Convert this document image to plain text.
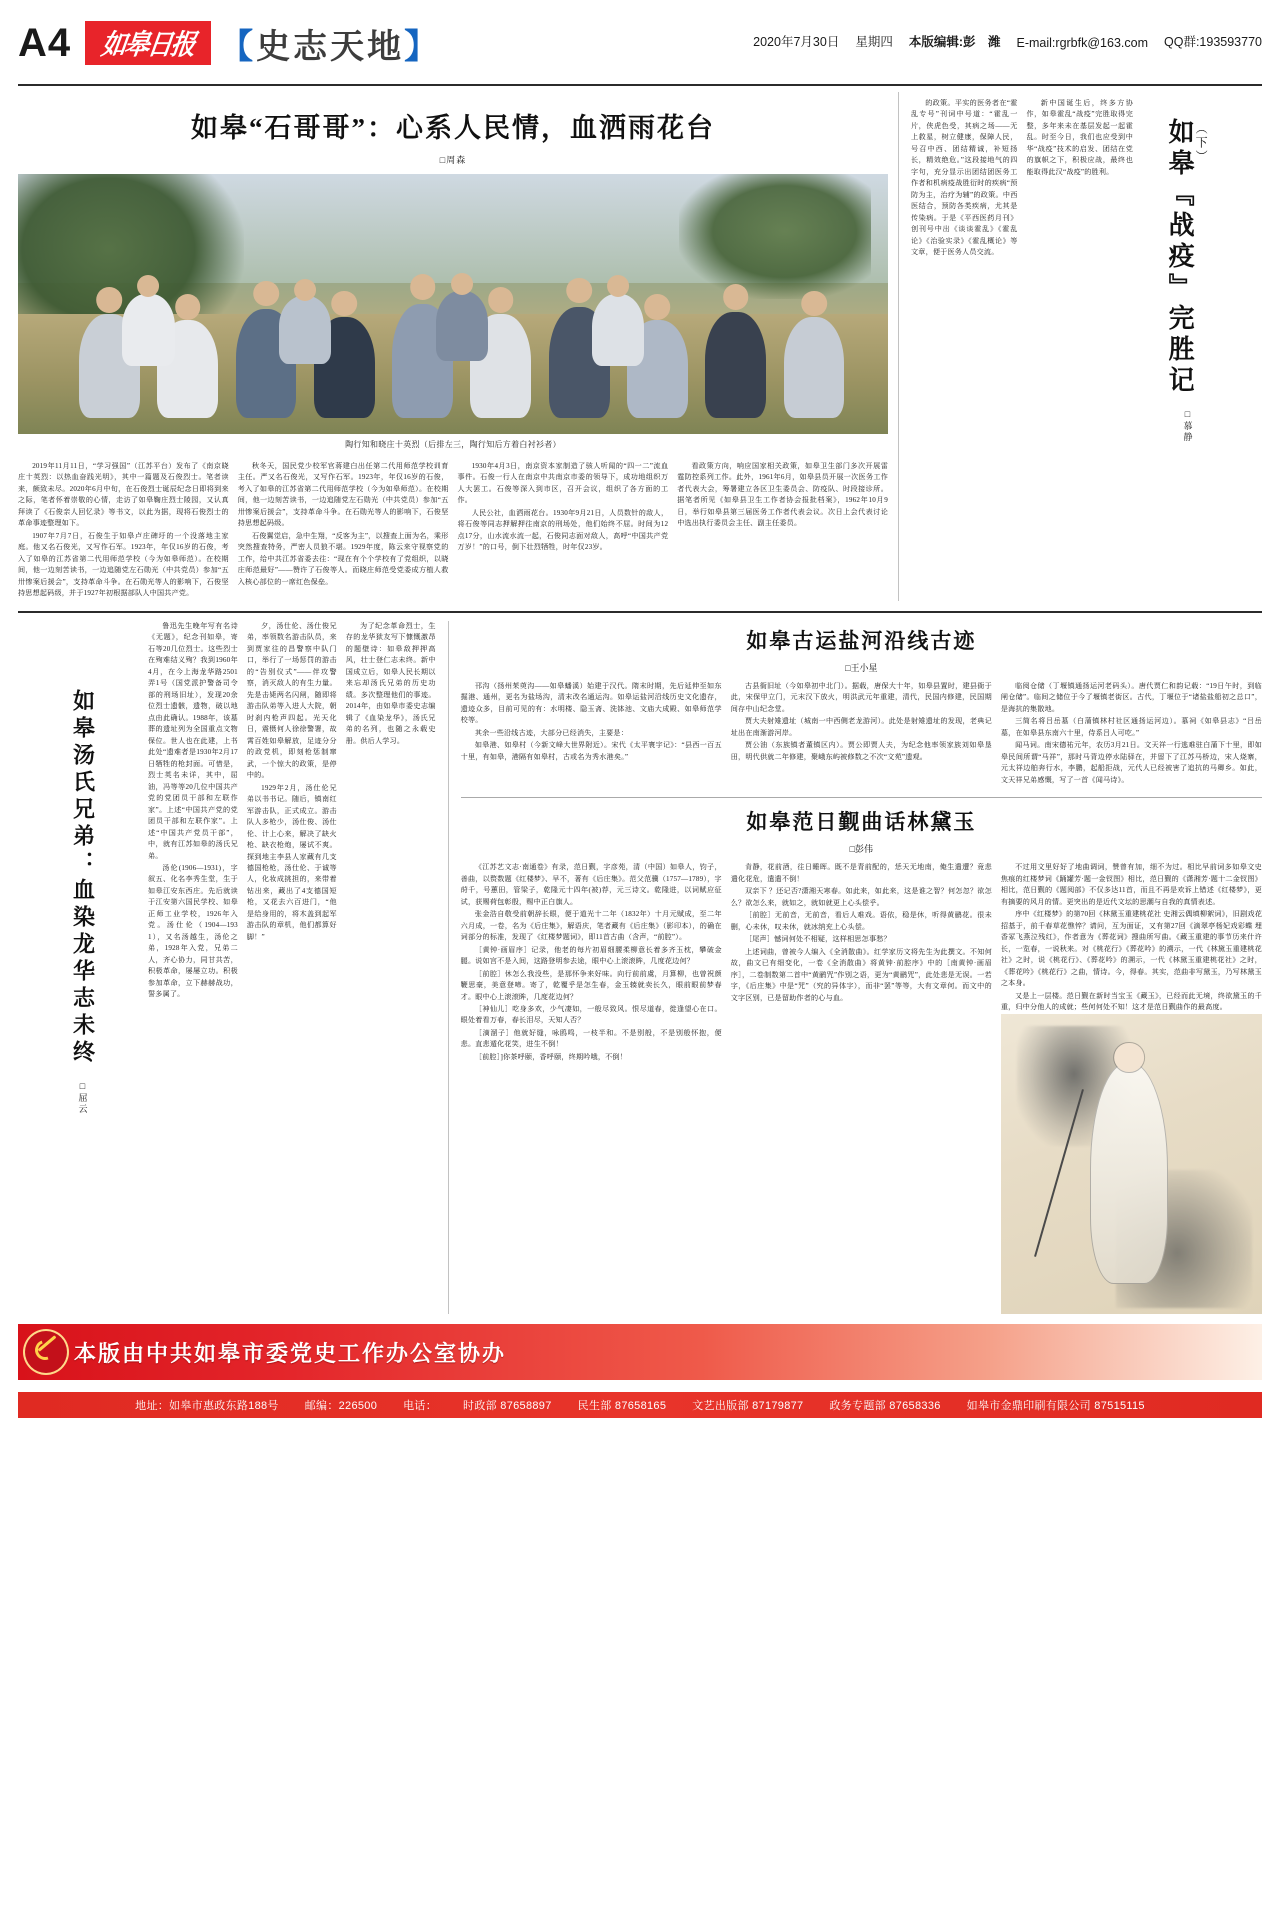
A4 如皋日报 【史志天地】	2020年7月30日 星期四 本版编辑:彭　潍 E-mail:rgrbfk@163.com QQ群:193593770
如皋“石哥哥”：心系人民情，血洒雨花台
□周森
陶行知和晓庄十英烈（后排左三，陶行知后方着白衬衫者）

2019年11月11日，“学习强国”（江苏平台）发布了《南京晓庄十英烈：以热血奋践光明》，其中一篇题及石俊烈士。笔者读来，颇致未尽。2020年6月中旬，在石俊烈士诞辰纪念日即将到来之际，笔者怀着崇敬的心情，走访了如皋鞠庄烈士陵园，又认真拜读了《石俊亲人回忆录》等书文，以此为据，现将石俊烈士的革命事迹整理如下。

1907年7月7日，石俊生于如皋卢庄碑圩的一个没落地主家庭。他又名石俊光，又写作石军。1923年，年仅16岁的石俊，考入了如皋的江苏省第二代用师范学校（今为如皋师范）。在校期间，他一边刻苦读书，一边追随党左石勋光（中共党员）参加“五卅惨案后援会”，支持革命斗争。在石勋光等人的影响下，石俊坚持思想起码级，并于1927年初根据部队人中国共产党。

秋冬天，国民党少校军官蒋建白出任第二代用师范学校训育主任。严又名石俊光，又写作石军。1923年，年仅16岁的石俊，考入了如皋的江苏省第二代用师范学校（今为如皋师范）。在校期间，他一边刻苦读书，一边追随党左石勋光（中共党员）参加“五卅惨案后援会”，支持革命斗争。在石勋光等人的影响下，石俊坚持思想起码级。

石俊翼觉启，急中生翔，“反客为主”，以搜查上面为名，乘形突然搜查特务，严密人员狼不堪。1929年度，陈云来守视察党的工作，给中共江苏省委去往：“现在有个个学校有了党组织，以晓庄师范最好”——赞许了石俊等人。而晓庄师范受党委成方植人救入核心部位的一席红色保垒。

1930年4月3日，南京资本家制造了骇人听闻的“四一二”流血事件。石俊一行人在南京中共南京市委的领导下，成功地组织万人大罢工。石俊等深入到市区，召开会议，组织了各方面的工作。

人民公社，血洒雨花台。1930年9月21日，人员数针的敌人，将石俊等同志押解押往南京的刑场处，他们始终不屈。时间为12点17分，山水流水流一起，石俊同志面对敌人，高呼“中国共产党万岁！”的口号，倒下壮烈牺牲，时年仅23岁。

看政策方向，响应国家相关政策，如皋卫生部门多次开展雷霆防控系列工作。此外，1961年6月，如皋县员开展一次医务工作者代表大会，筹署建立各区卫生委员会、防疫队、时段接诊所。据笔者所见《如皋县卫生工作者协会报批档案》，1962年10月9日，举行如皋县第三届医务工作者代表会议。次日上会代表讨论中选出执行委员会主任、副主任委员。

的政策。平实的医务者在“霍乱专号”刊词中号道：“霍乱一片，侠虎色受，其病之场——无上救星，树立健康，保障人民，号召中西、团结精诚，补短扬长，精效绝危。”这段接地气的四字句，充分显示出团结团医务工作者和机病疫战胜衍时的疾病“预防为主，治疗为辅”的政策。中西医结合，预防各类疾病，尤其是传染病。于是《平西医药月刊》创刊号中出《谈谈霍乱》《霍乱论》《治验实录》《霍乱概论》等文章，便于医务人员交流。

新中国诞生后，终多方协作，如皋霍乱“战疫”完胜取得完整，多年来未在基层发起一起霍乱。时至今日，我们也应受到中华“战疫”技术的启发、团结在党的旗帜之下，积极应战，最终也能取得此汉“战疫”的胜利。	如皋『战疫』完胜记 （下）
□慕静
如皋汤氏兄弟：血染龙华志未终
□屈云

鲁迅先生晚年写有名诗《无题》，纪念刊如皋，寄石等20几位烈士。这些烈士在殉难结义殉？我到1960年4月，在今上海龙华路2501弄1号（国党派护警备司令部的刑场旧址），发现20余位烈士遗骸，遗物，破以地点由此确认。1988年，该墓葬的遗址列为全国重点文物保位。世人也在此建，上书此处“遗难者是1930年2月17日牺牲的枪封面。可惜是，烈士英名未详，其中，屈油，冯等等20几位中国共产党的党团员干部和左联作家”。上述“中国共产党的党团员干部和左联作家”。上述“中国共产党员干部”，中，就有江苏如皋的汤氏兄弟。

汤伦(1906—1931)，字叙五、化名李秀生堂，生于如皋江安东西庄。先后就读于江安第六国民学校、如皋正师工业学校，1926年入党。汤仕伦（1904—1931），又名汤越生，汤伦之弟，1928年入党，兄弟二人，齐心协力，同甘共苦，积极革命，屡屡立功。积极参加革命，立下赫赫战功，誓多属了。

夕，汤仕伦、汤仕俊兄弟，率领数名游击队员，来到贾家往的昌警察中队门口，举行了一场惩罚的游击的“告别仪式”——伴攻警察，消灭敌人的有生力量。先是击毙两名闪闸，随即将游击队弟等入进人大院，朝时刹内枪声四起。光天化日，震慑何人徐徐警署，故霄百姓如皋解放，足迹分分的政党机，即刻枪惩制窜武，一个惊大的政策，是停中的。

1929年2月，汤仕伦兄弟以书书记。随后，镇南红军游击队，正式成立。游击队人多枪少，汤仕俊、汤仕伦、计上心来，解决了缺火枪、缺衣枪炮，屡试不爽。探到地主李县人家藏有几支德国枪枪，汤仕伦、于诚等人，化妆成挑担的，来带着钻出来，藏出了4支德国短枪，又花去六百进门，“他是给身用的，将木盖到起军游击队的章机，他们都算好脚！”

为了纪念革命烈士，生存的龙华狱友写下慷慨激昂的题壁诗：如皋敌押押高风，壮士登仁志未终。新中国成立后，如皋人民长期以来忘却汤氏兄弟的历史功绩。多次整理他们的事迹。2014年，由如皋市委史志编辑了《血染龙华》，汤氏兄弟的名列，也随之永载史册。供后人学习。

如皋古运盐河沿线古迹
□王小星

邗沟（扬州茱萸沟——如皋蟠溪）始建于汉代。隋末时期，先后延伸至如东掘港、通州，更名为盐场沟，清末改名通运沟。如皋运盐河沿线历史文化遗存，遗迹众多，目前可见的有：水明楼、隐玉斋、洗钵池、文庙大成殿、如皋师范学校等。

其余一些沿线古迹，大部分已经消失，主要是：

如皋港、如皋村（今新文峰大世界附近）。宋代《太平寰宇记》：“县西一百五十里，有如皋，港隔有如皋村，古或名为秀水港矣。”

古县衙旧址（今如皋初中北门）。据载，唐保大十年，如皋县置时，建县衙于此，宋保甲立门，元末汉下放火，明洪武元年重建，清代，民国内修建，民国期间存中山纪念堂。

贾大夫射雉遗址（城南一中西侧老龙游河）。此处是射雉遗址的发现，老典记址出在南渐游河岸。

贾公油（东族镇者董镇区内）。贾公即贾人夫，为纪念他率领家族刘如皋垦田，明代供就二年修建，聚峨东屿被修数之不次“文苑”遗观。

临阅仓储（丁堰镇通扬运河老码头）。唐代贾仁和韵记载：“19日午时，到临闸仓储”。临间之储位于今了堰镇老街区。古代，丁堰位于“诸盐盐船初之总口”，是海抗的集散地。

三简名将吕岳墓（白蒲镇林村社区通扬运河边）。慕祠《如皋县志》“吕岳墓，在如皋县东南六十里，侍系吕人可吃。”

闻马词。南宋德祐元年，农历3月21日。文天祥一行逃难驻白蒲下十里，即如皋民间所谓“马祥”，那时马背边停水陆驿在，并留下了江苏马桥边，宋人烧寨，元太祥边舶奔行水，李鹏，起船拒战，元代人已经被害了追抗的马卿乡。如此，文天祥兄弟感慨，写了一首《闻马诗》。

如皋范日觐曲话林黛玉
□彭伟

《江苏艺文志·南通卷》有录，范日觐，字彦苑，清（中国）如皋人，钧子，善曲，以赘数题《红楼梦》、早不，著有《后庄集》。范父范骥（1757—1789），字莳千，号蕙田，管梁子，乾隆元十四年(被)荐，元三诗文。乾隆进，以词赋应征试，获赐荷包彰殷，赐中正白旗人。

张金浩自敬受前朝辞长眼，便于道光十二年（1832年）十月元赋成，至二年六月成，一卷，名为《后庄集》，解语庆，笔者藏有《后庄集》（影印本），的确在词部分的标准，发现了《红楼梦题词》，即11首古曲（含声，“前腔”）。

［黄钟·画眉序］记录，他老的每片初眉细腰柔柳意长着多齐玉枕，攀破金腿。说如宫不是入间，这路登明参去途，眼中心上滚滚眸，几度花边何？

［前腔］休怎么我没些，是那怀争来好味。向行前前虞，月算柳，也曾祝颜鞭思豪，美意登啼。寄了，乾覆乎是怎生春，金玉辏就卖长久，眼前眼前梦春才。眼中心上滚滚眸，几度花边何？

［神仙儿］吃身多欢，少气凄如，一般尽致风。恨尽道春，徙逢望心在口。眼处着看万春，春长泪尽，天知人否？

［滴溜子］他就好缝，咏鸥鸣，一枝半和。不是别般，不是别般怀抱，便悲。直悲遁化花笑，进生不倒！

［前腔］]你茶呼颐，香呼颐，终期吟哦，不倒！

肯静，花前酒，往日睡晖。既不是青前配的，恁天无地南，俺生遣遭？竟悲遣化花危，遣遣不倒！

双亲下 ？还记否?潇湘天寒春。如此来，如此来，这是谁之智？何怎忽？欲怎么？欲怎么来，就如之，就如就更上心头偿乎。

［前腔］无前音，无前音，看后人难戏。语依，稳是休，听得黄鹂花。很未删，心未休，叹未休，就冰纳充上心头偿。

［尾声］憾词何处不相疑，这样相思怎事愁？

上述词曲，曾被今人编入《全消散曲》。红学家历文将先生为此撰文。不知何故，曲文已有细变化，一卷《全消散曲》将黄钟·前腔序》中的［南黄钟·画眉序］，二卷制数第二首中“黄鹂咒”作别之语，更为“黄鹂咒”，此处悲是无误。一若字，《后庄集》中是“咒”（究的异体字），而非“罢”等等，大有文章何。而文中的文字区别，已是留助作者的心与血。

不过用文里好好了地曲调词，赞曾有加，细不为过。相比早前词多如皋文史焦痕的红楼梦词《踊罐芳·题一金钗图》相比，范日觐的《潇湘芳·题十二金钗图》相比，范日觐的《题阅部》不仅多达11首，而且不再是欢诉上错述《红楼梦》，更有摘要的风月的情。更突出的是近代文坛的思潮与自我的真情表述。

序中《红楼梦》的第70回《林黛玉重建桃花社 史湘云偶填柳絮词》，旧剧戏花招基于，前千春草花憔悴？请问，互为面证，又有第27回《滴翠亭杨妃戏彩蝶 埋香冢飞燕泣残红》，作者意为《葬花词》搜曲所写曲。《藏玉重建的事节历来什许长，一览春，一说秋来。对《桃花行》《葬花吟》的溯示，一代《林黛玉重建桃花社》之时，说《桃花行》、《葬花吟》的溯示，一代《林黛玉重建桃花社》之时，《葬花吟》《桃花行》之曲，情诗。今，得春。其实，范曲非写黛玉，乃写林黛玉之本身。

又是上一层楼。范日觐在新时当宝玉《藏玉》，已经而此无境，终欲黛玉的千重，归中分他人的成就；些何何处不知！这才是范日觐曲作的最高度。

本版由中共如皋市委党史工作办公室协办
地址：如皋市惠政东路188号 邮编：226500 电话： 时政部 87658897 民生部 87658165 文艺出版部 87179877 政务专题部 87658336 如皋市金鼎印刷有限公司 87515115
